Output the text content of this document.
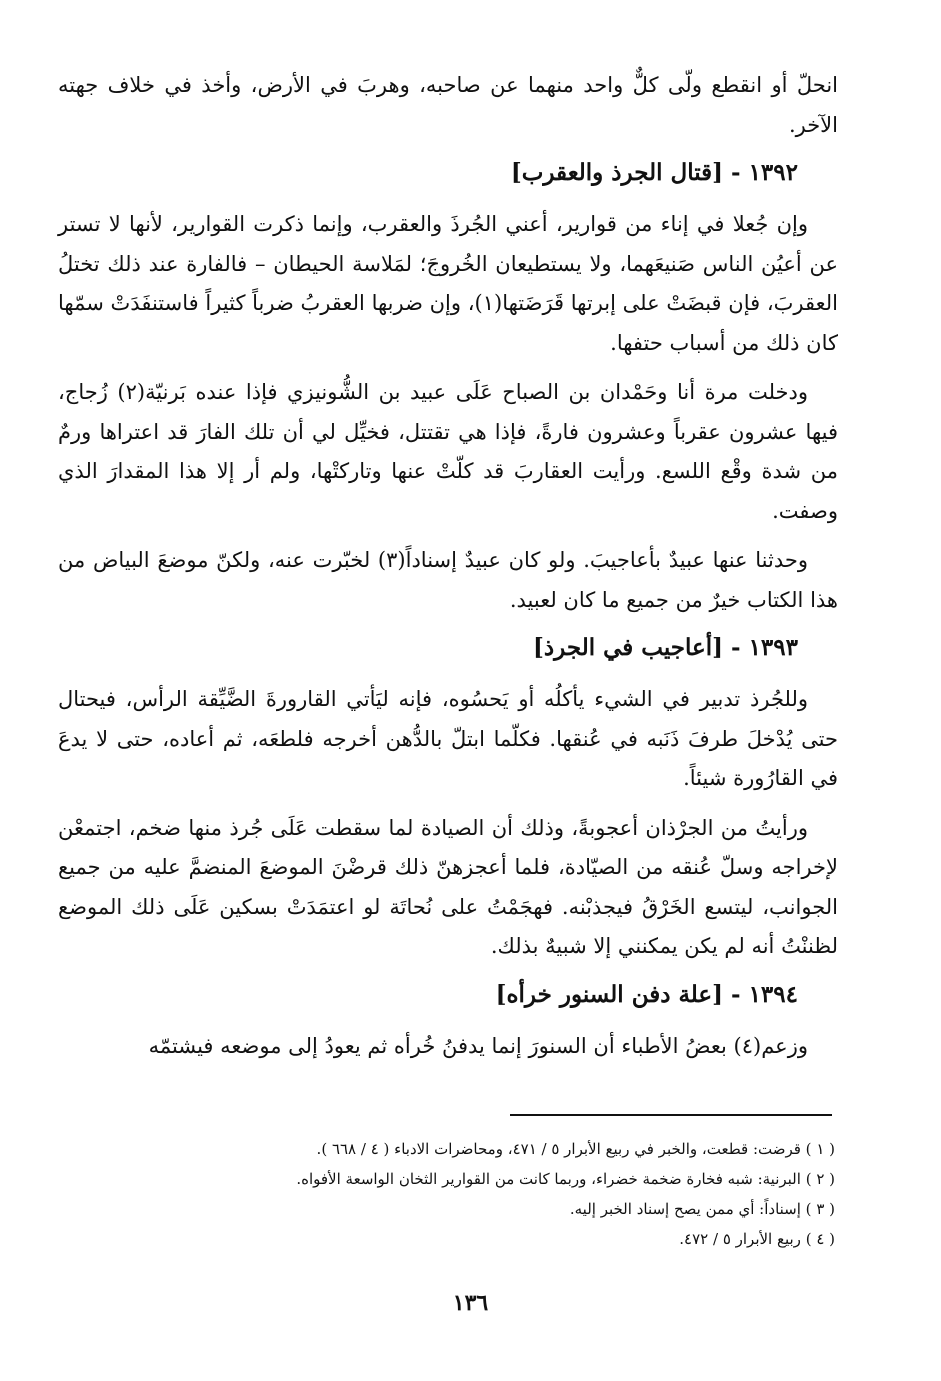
انحلّ أو انقطع ولّى كلٌّ واحد منهما عن صاحبه، وهربَ في الأرض، وأخذ في خلاف جهته الآخر.

١٣٩٢ - [قتال الجرذ والعقرب]

وإن جُعلا في إناء من قوارير، أعني الجُرذَ والعقرب، وإنما ذكرت القوارير، لأنها لا تستر عن أعيُن الناس صَنيعَهما، ولا يستطيعان الخُروجَ؛ لمَلاسة الحيطان – فالفارة عند ذلك تختلُ العقربَ، فإن قبضَتْ على إبرتها قَرَضَتها(١)، وإن ضربها العقربُ ضرباً كثيراً فاستنفَدَتْ سمّها كان ذلك من أسباب حتفها.

ودخلت مرة أنا وحَمْدان بن الصباح عَلَى عبيد بن الشُّونيزي فإذا عنده بَرنيّة(٢) زُجاج، فيها عشرون عقرباً وعشرون فارةً، فإذا هي تقتتل، فخيِّل لي أن تلك الفارَ قد اعتراها ورمٌ من شدة وقْع اللسع. ورأيت العقاربَ قد كلّتْ عنها وتاركتْها، ولم أر إلا هذا المقدارَ الذي وصفت.

وحدثنا عنها عبيدٌ بأعاجيبَ. ولو كان عبيدٌ إسناداً(٣) لخبّرت عنه، ولكنّ موضعَ البياض من هذا الكتاب خيرٌ من جميع ما كان لعبيد.

١٣٩٣ - [أعاجيب في الجرذ]

وللجُرذ تدبير في الشيء يأكلُه أو يَحسُوه، فإنه ليَأتي القارورةَ الضَّيِّقة الرأس، فيحتال حتى يُدْخلَ طرفَ ذَنَبه في عُنقها. فكلّما ابتلّ بالدُّهن أخرجه فلطعَه، ثم أعاده، حتى لا يدعَ في القارُورة شيئاً.

ورأيتُ من الجرْذان أعجوبةً، وذلك أن الصيادة لما سقطت عَلَى جُرذ منها ضخم، اجتمعْن لإخراجه وسلّ عُنقه من الصيّادة، فلما أعجزهنّ ذلك قرضْنَ الموضعَ المنضمَّ عليه من جميع الجوانب، ليتسع الخَرْقُ فيجذبْنه. فهجَمْتُ على نُحاتَة لو اعتمَدَتْ بسكين عَلَى ذلك الموضع لظننْتُ أنه لم يكن يمكنني إلا شبيهٌ بذلك.

١٣٩٤ - [علة دفن السنور خرأه]

وزعم(٤) بعضُ الأطباء أن السنورَ إنما يدفنُ خُرأه ثم يعودُ إلى موضعه فيشتمّه

( ١ ) قرضت: قطعت، والخبر في ربيع الأبرار ٥ / ٤٧١، ومحاضرات الادباء ( ٤ / ٦٦٨ ).

( ٢ ) البرنية: شبه فخارة ضخمة خضراء، وربما كانت من القوارير الثخان الواسعة الأفواه.

( ٣ ) إسناداً: أي ممن يصح إسناد الخبر إليه.

( ٤ ) ربيع الأبرار ٥ / ٤٧٢.

١٣٦
